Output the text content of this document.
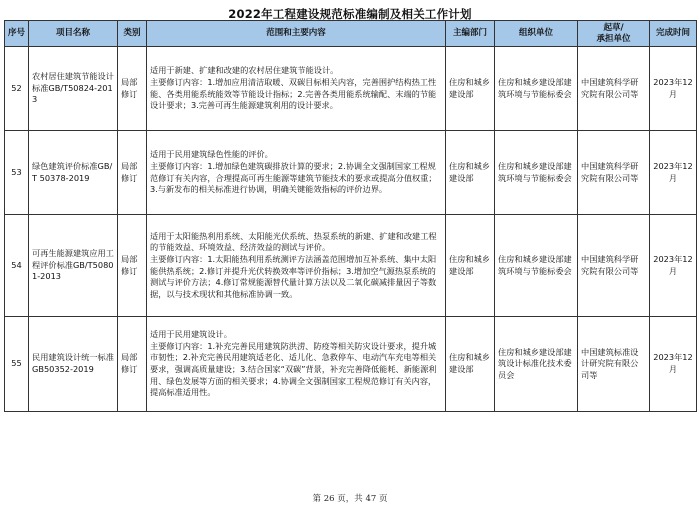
2022年工程建设规范标准编制及相关工作计划
序号	项目名称	类别	范围和主要内容	主编部门	组织单位	起草/
承担单位	完成时间
52	农村居住建筑节能设计标准GB/T50824-2013	局部修订	适用于新建、扩建和改建的农村居住建筑节能设计。
主要修订内容：1.增加应用清洁取暖、双碳目标相关内容，完善围护结构热工性能、各类用能系统能效等节能设计指标；2.完善各类用能系统输配、末端的节能设计要求；3.完善可再生能源建筑利用的设计要求。	住房和城乡建设部	住房和城乡建设部建筑环境与节能标委会	中国建筑科学研究院有限公司等	2023年12月
53	绿色建筑评价标准GB/T 50378-2019	局部修订	适用于民用建筑绿色性能的评价。
主要修订内容：1.增加绿色建筑碳排放计算的要求；2.协调全文强制国家工程规范修订有关内容，合理提高可再生能源等建筑节能技术的要求或提高分值权重；3.与新发布的相关标准进行协调，明确关键能效指标的评价边界。	住房和城乡建设部	住房和城乡建设部建筑环境与节能标委会	中国建筑科学研究院有限公司等	2023年12月
54	可再生能源建筑应用工程评价标准GB/T50801-2013	局部修订	适用于太阳能热利用系统、太阳能光伏系统、热泵系统的新建、扩建和改建工程的节能效益、环境效益、经济效益的测试与评价。
主要修订内容：1.太阳能热利用系统测评方法涵盖范围增加互补系统、集中太阳能供热系统；2.修订并提升光伏转换效率等评价指标；3.增加空气源热泵系统的测试与评价方法；4.修订常规能源替代量计算方法以及二氧化碳减排量因子等数据，以与技术现状和其他标准协调一致。	住房和城乡建设部	住房和城乡建设部建筑环境与节能标委会	中国建筑科学研究院有限公司等	2023年12月
55	民用建筑设计统一标准GB50352-2019	局部修订	适用于民用建筑设计。
主要修订内容：1.补充完善民用建筑防洪涝、防疫等相关防灾设计要求，提升城市韧性；2.补充完善民用建筑适老化、适儿化、急救停车、电动汽车充电等相关要求，强调高质量建设；3.结合国家“双碳”背景，补充完善降低能耗、新能源利用、绿色发展等方面的相关要求；4.协调全文强制国家工程规范修订有关内容，提高标准适用性。	住房和城乡建设部	住房和城乡建设部建筑设计标准化技术委员会	中国建筑标准设计研究院有限公司等	2023年12月
第 26 页，共 47 页
